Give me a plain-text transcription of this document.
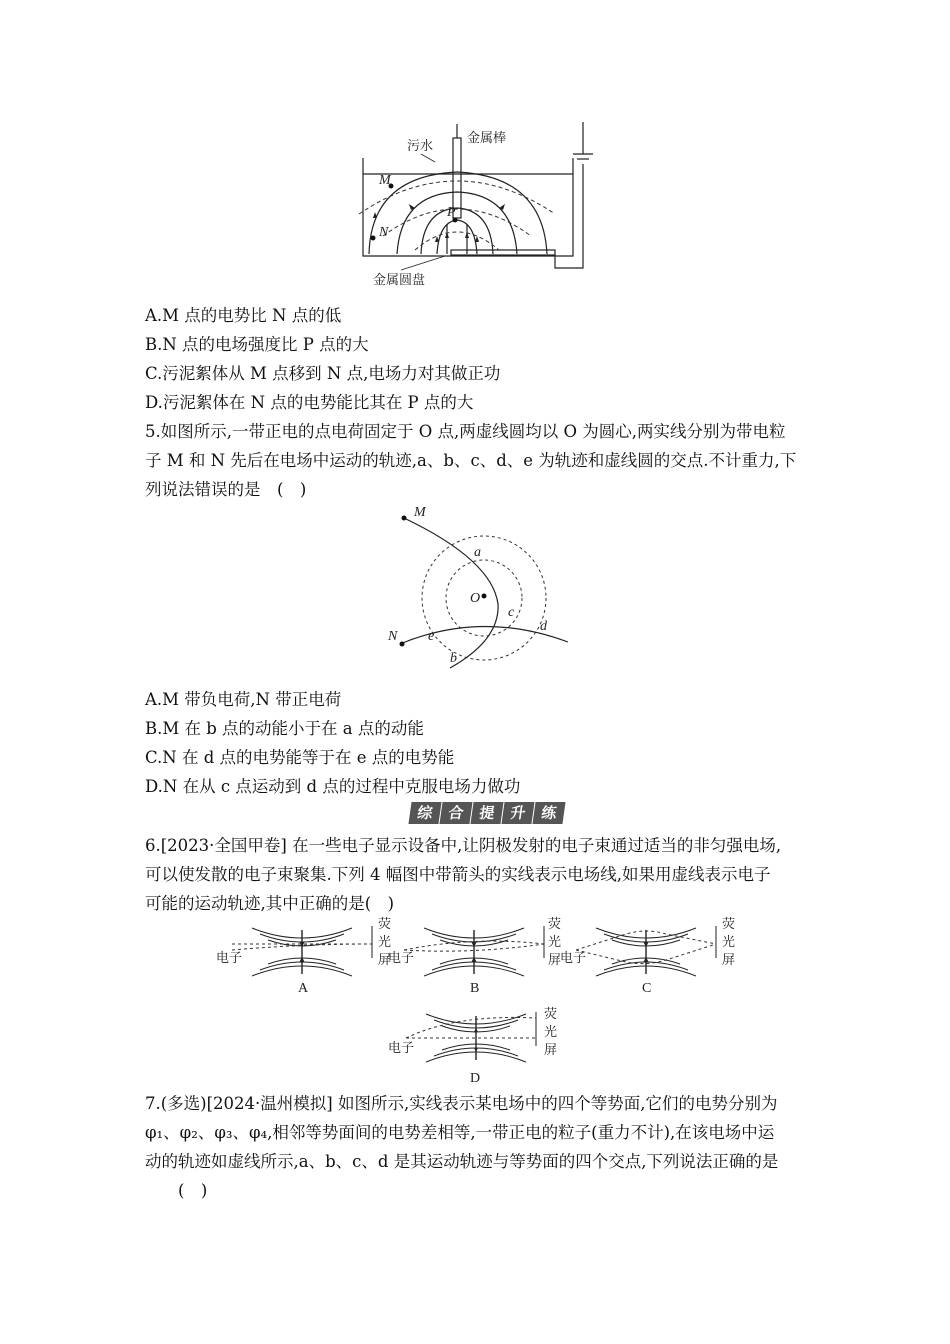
污水
金属棒
金属圆盘
M
N
P
A.M 点的电势比 N 点的低
B.N 点的电场强度比 P 点的大
C.污泥絮体从 M 点移到 N 点,电场力对其做正功
D.污泥絮体在 N 点的电势能比其在 P 点的大
5.如图所示,一带正电的点电荷固定于 O 点,两虚线圆均以 O 为圆心,两实线分别为带电粒
子 M 和 N 先后在电场中运动的轨迹,a、b、c、d、e 为轨迹和虚线圆的交点.不计重力,下
列说法错误的是　(　)
M
N
O
a
b
c
d
e
A.M 带负电荷,N 带正电荷
B.M 在 b 点的动能小于在 a 点的动能
C.N 在 d 点的电势能等于在 e 点的电势能
D.N 在从 c 点运动到 d 点的过程中克服电场力做功
综 合 提 升 练
6.[2023·全国甲卷] 在一些电子显示设备中,让阴极发射的电子束通过适当的非匀强电场,
可以使发散的电子束聚集.下列 4 幅图中带箭头的实线表示电场线,如果用虚线表示电子
可能的运动轨迹,其中正确的是(　)
电子
荧
光
屏
A
电子
荧
光
屏
B
电子
荧
光
屏
C
电子
荧
光
屏
D
7.(多选)[2024·温州模拟] 如图所示,实线表示某电场中的四个等势面,它们的电势分别为
φ₁、φ₂、φ₃、φ₄,相邻等势面间的电势差相等,一带正电的粒子(重力不计),在该电场中运
动的轨迹如虚线所示,a、b、c、d 是其运动轨迹与等势面的四个交点,下列说法正确的是
(　)
